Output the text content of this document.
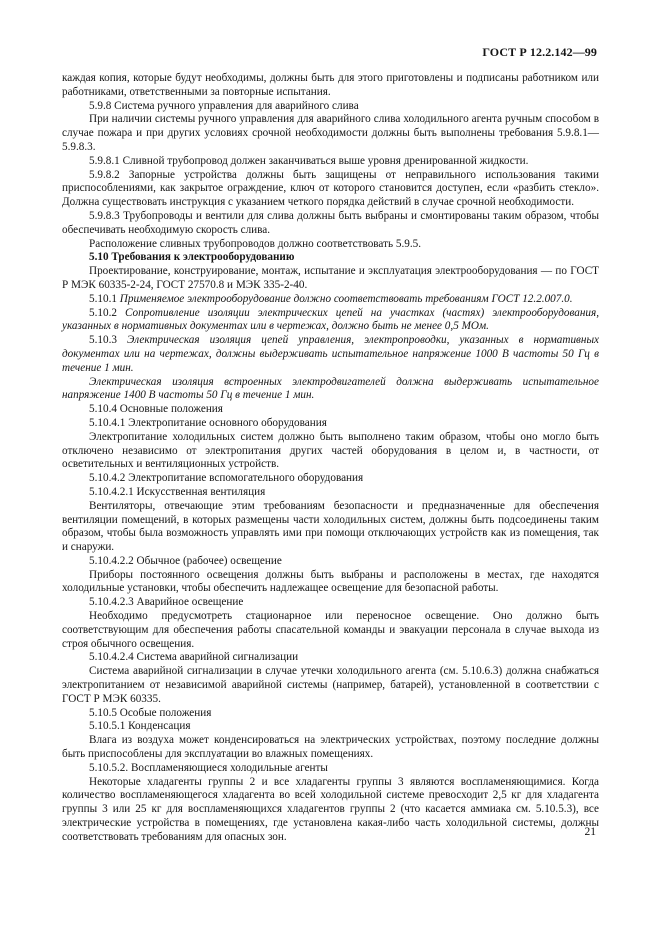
ГОСТ Р 12.2.142—99

каждая копия, которые будут необходимы, должны быть для этого приготовлены и подписаны работником или работниками, ответственными за повторные испытания.

5.9.8 Система ручного управления для аварийного слива

При наличии системы ручного управления для аварийного слива холодильного агента ручным способом в случае пожара и при других условиях срочной необходимости должны быть выполнены требования 5.9.8.1—5.9.8.3.

5.9.8.1 Сливной трубопровод должен заканчиваться выше уровня дренированной жидкости.

5.9.8.2 Запорные устройства должны быть защищены от неправильного использования такими приспособлениями, как закрытое ограждение, ключ от которого становится доступен, если «разбить стекло». Должна существовать инструкция с указанием четкого порядка действий в случае срочной необходимости.

5.9.8.3 Трубопроводы и вентили для слива должны быть выбраны и смонтированы таким образом, чтобы обеспечивать необходимую скорость слива.

Расположение сливных трубопроводов должно соответствовать 5.9.5.

5.10 Требования к электрооборудованию

Проектирование, конструирование, монтаж, испытание и эксплуатация электрооборудования — по ГОСТ Р МЭК 60335-2-24, ГОСТ 27570.8 и МЭК 335-2-40.

5.10.1 Применяемое электрооборудование должно соответствовать требованиям ГОСТ 12.2.007.0.

5.10.2 Сопротивление изоляции электрических цепей на участках (частях) электрооборудования, указанных в нормативных документах или в чертежах, должно быть не менее 0,5 МОм.

5.10.3 Электрическая изоляция цепей управления, электропроводки, указанных в нормативных документах или на чертежах, должны выдерживать испытательное напряжение 1000 В частоты 50 Гц в течение 1 мин.

Электрическая изоляция встроенных электродвигателей должна выдерживать испытательное напряжение 1400 В частоты 50 Гц в течение 1 мин.

5.10.4 Основные положения

5.10.4.1 Электропитание основного оборудования

Электропитание холодильных систем должно быть выполнено таким образом, чтобы оно могло быть отключено независимо от электропитания других частей оборудования в целом и, в частности, от осветительных и вентиляционных устройств.

5.10.4.2 Электропитание вспомогательного оборудования

5.10.4.2.1 Искусственная вентиляция

Вентиляторы, отвечающие этим требованиям безопасности и предназначенные для обеспечения вентиляции помещений, в которых размещены части холодильных систем, должны быть подсоединены таким образом, чтобы была возможность управлять ими при помощи отключающих устройств как из помещения, так и снаружи.

5.10.4.2.2 Обычное (рабочее) освещение

Приборы постоянного освещения должны быть выбраны и расположены в местах, где находятся холодильные установки, чтобы обеспечить надлежащее освещение для безопасной работы.

5.10.4.2.3 Аварийное освещение

Необходимо предусмотреть стационарное или переносное освещение. Оно должно быть соответствующим для обеспечения работы спасательной команды и эвакуации персонала в случае выхода из строя обычного освещения.

5.10.4.2.4 Система аварийной сигнализации

Система аварийной сигнализации в случае утечки холодильного агента (см. 5.10.6.3) должна снабжаться электропитанием от независимой аварийной системы (например, батарей), установленной в соответствии с ГОСТ Р МЭК 60335.

5.10.5 Особые положения

5.10.5.1 Конденсация

Влага из воздуха может конденсироваться на электрических устройствах, поэтому последние должны быть приспособлены для эксплуатации во влажных помещениях.

5.10.5.2. Воспламеняющиеся холодильные агенты

Некоторые хладагенты группы 2 и все хладагенты группы 3 являются воспламеняющимися. Когда количество воспламеняющегося хладагента во всей холодильной системе превосходит 2,5 кг для хладагента группы 3 или 25 кг для воспламеняющихся хладагентов группы 2 (что касается аммиака см. 5.10.5.3), все электрические устройства в помещениях, где установлена какая-либо часть холодильной системы, должны соответствовать требованиям для опасных зон.	21
